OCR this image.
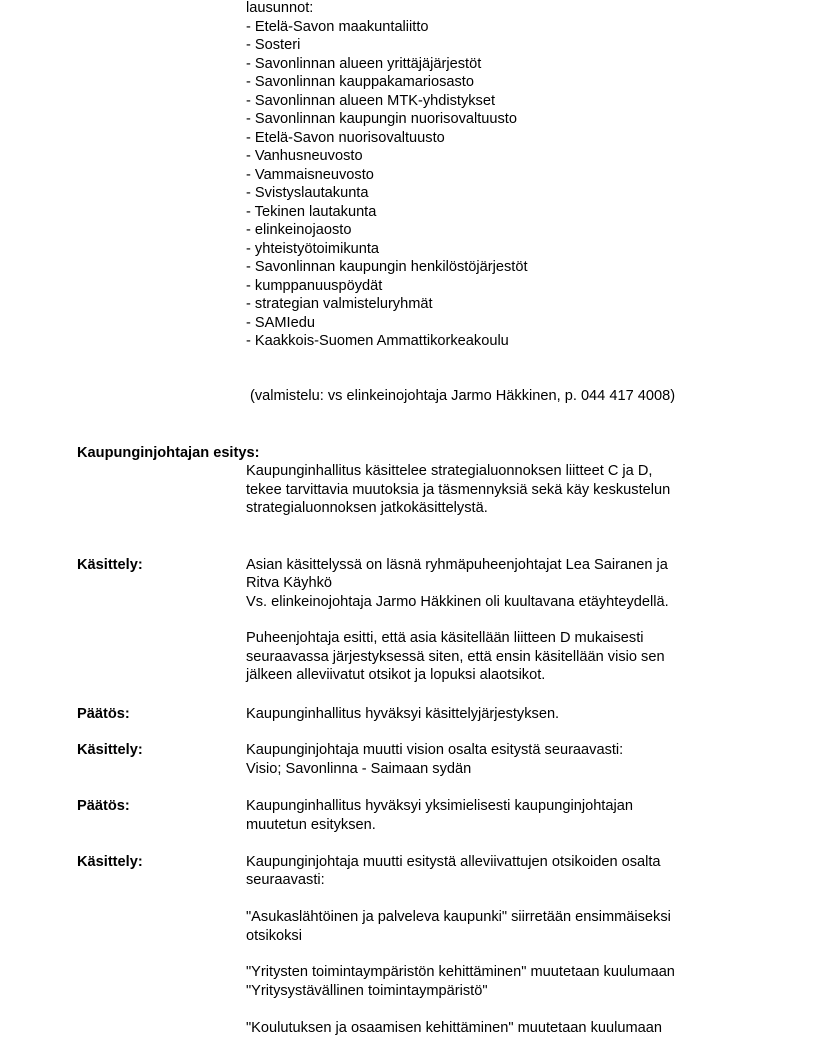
lausunnot:
- Etelä-Savon maakuntaliitto
- Sosteri
- Savonlinnan alueen yrittäjäjärjestöt
- Savonlinnan kauppakamariosasto
- Savonlinnan alueen MTK-yhdistykset
- Savonlinnan kaupungin nuorisovaltuusto
- Etelä-Savon nuorisovaltuusto
- Vanhusneuvosto
- Vammaisneuvosto
- Svistyslautakunta
- Tekinen lautakunta
- elinkeinojaosto
- yhteistyötoimikunta
- Savonlinnan kaupungin henkilöstöjärjestöt
- kumppanuuspöydät
- strategian valmisteluryhmät
- SAMIedu
- Kaakkois-Suomen Ammattikorkeakoulu
(valmistelu: vs elinkeinojohtaja Jarmo Häkkinen, p. 044 417 4008)
Kaupunginjohtajan esitys:
Kaupunginhallitus käsittelee strategialuonnoksen liitteet C ja D,
tekee tarvittavia muutoksia ja täsmennyksiä sekä käy keskustelun
strategialuonnoksen jatkokäsittelystä.
Käsittely:	Asian käsittelyssä on läsnä ryhmäpuheenjohtajat Lea Sairanen ja
Ritva Käyhkö
Vs. elinkeinojohtaja Jarmo Häkkinen oli kuultavana etäyhteydellä.
Puheenjohtaja esitti, että asia käsitellään liitteen D mukaisesti
seuraavassa järjestyksessä siten, että ensin käsitellään visio sen
jälkeen alleviivatut otsikot ja lopuksi alaotsikot.
Päätös:	Kaupunginhallitus hyväksyi käsittelyjärjestyksen.
Käsittely:	Kaupunginjohtaja muutti vision osalta esitystä seuraavasti:
Visio; Savonlinna - Saimaan sydän
Päätös:	Kaupunginhallitus hyväksyi yksimielisesti kaupunginjohtajan
muutetun esityksen.
Käsittely:	Kaupunginjohtaja muutti esitystä alleviivattujen otsikoiden osalta
seuraavasti:
"Asukaslähtöinen ja palveleva kaupunki" siirretään ensimmäiseksi
otsikoksi
"Yritysten toimintaympäristön kehittäminen" muutetaan kuulumaan
"Yritysystävällinen toimintaympäristö"
"Koulutuksen ja osaamisen kehittäminen" muutetaan kuulumaan
